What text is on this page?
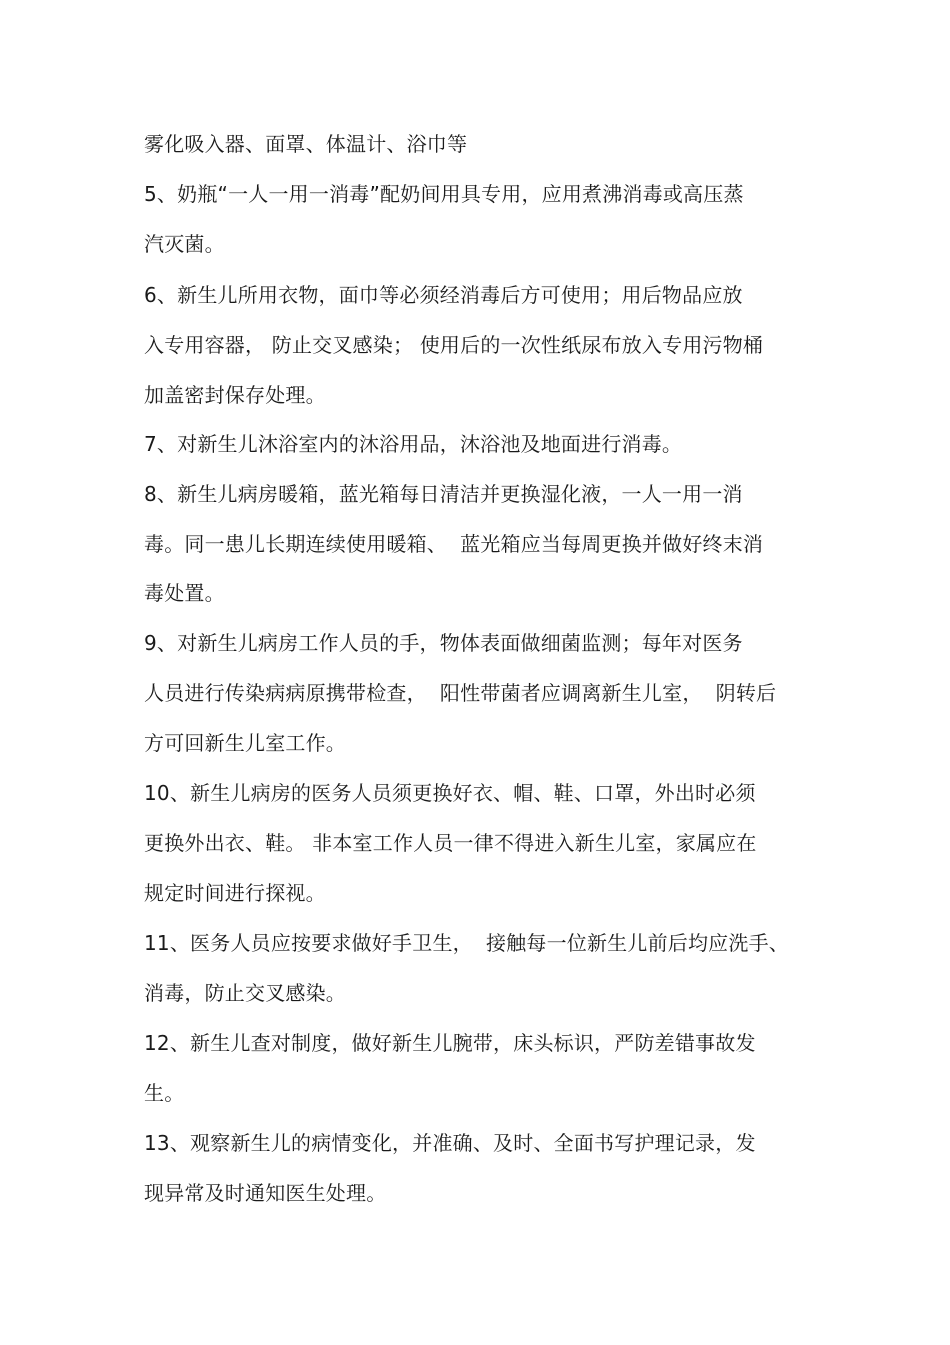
雾化吸入器、面罩、体温计、浴巾等
5、奶瓶“一人一用一消毒”配奶间用具专用，应用煮沸消毒或高压蒸
汽灭菌。
6、新生儿所用衣物，面巾等必须经消毒后方可使用；用后物品应放
入专用容器， 防止交叉感染； 使用后的一次性纸尿布放入专用污物桶
加盖密封保存处理。
7、对新生儿沐浴室内的沐浴用品，沐浴池及地面进行消毒。
8、新生儿病房暖箱，蓝光箱每日清洁并更换湿化液，一人一用一消
毒。同一患儿长期连续使用暖箱、  蓝光箱应当每周更换并做好终末消
毒处置。
9、对新生儿病房工作人员的手，物体表面做细菌监测；每年对医务
人员进行传染病病原携带检查，  阳性带菌者应调离新生儿室，  阴转后
方可回新生儿室工作。
10、新生儿病房的医务人员须更换好衣、帽、鞋、口罩，外出时必须
更换外出衣、鞋。 非本室工作人员一律不得进入新生儿室，家属应在
规定时间进行探视。
11、医务人员应按要求做好手卫生，  接触每一位新生儿前后均应洗手、
消毒，防止交叉感染。
12、新生儿查对制度，做好新生儿腕带，床头标识，严防差错事故发
生。
13、观察新生儿的病情变化，并准确、及时、全面书写护理记录，发
现异常及时通知医生处理。
